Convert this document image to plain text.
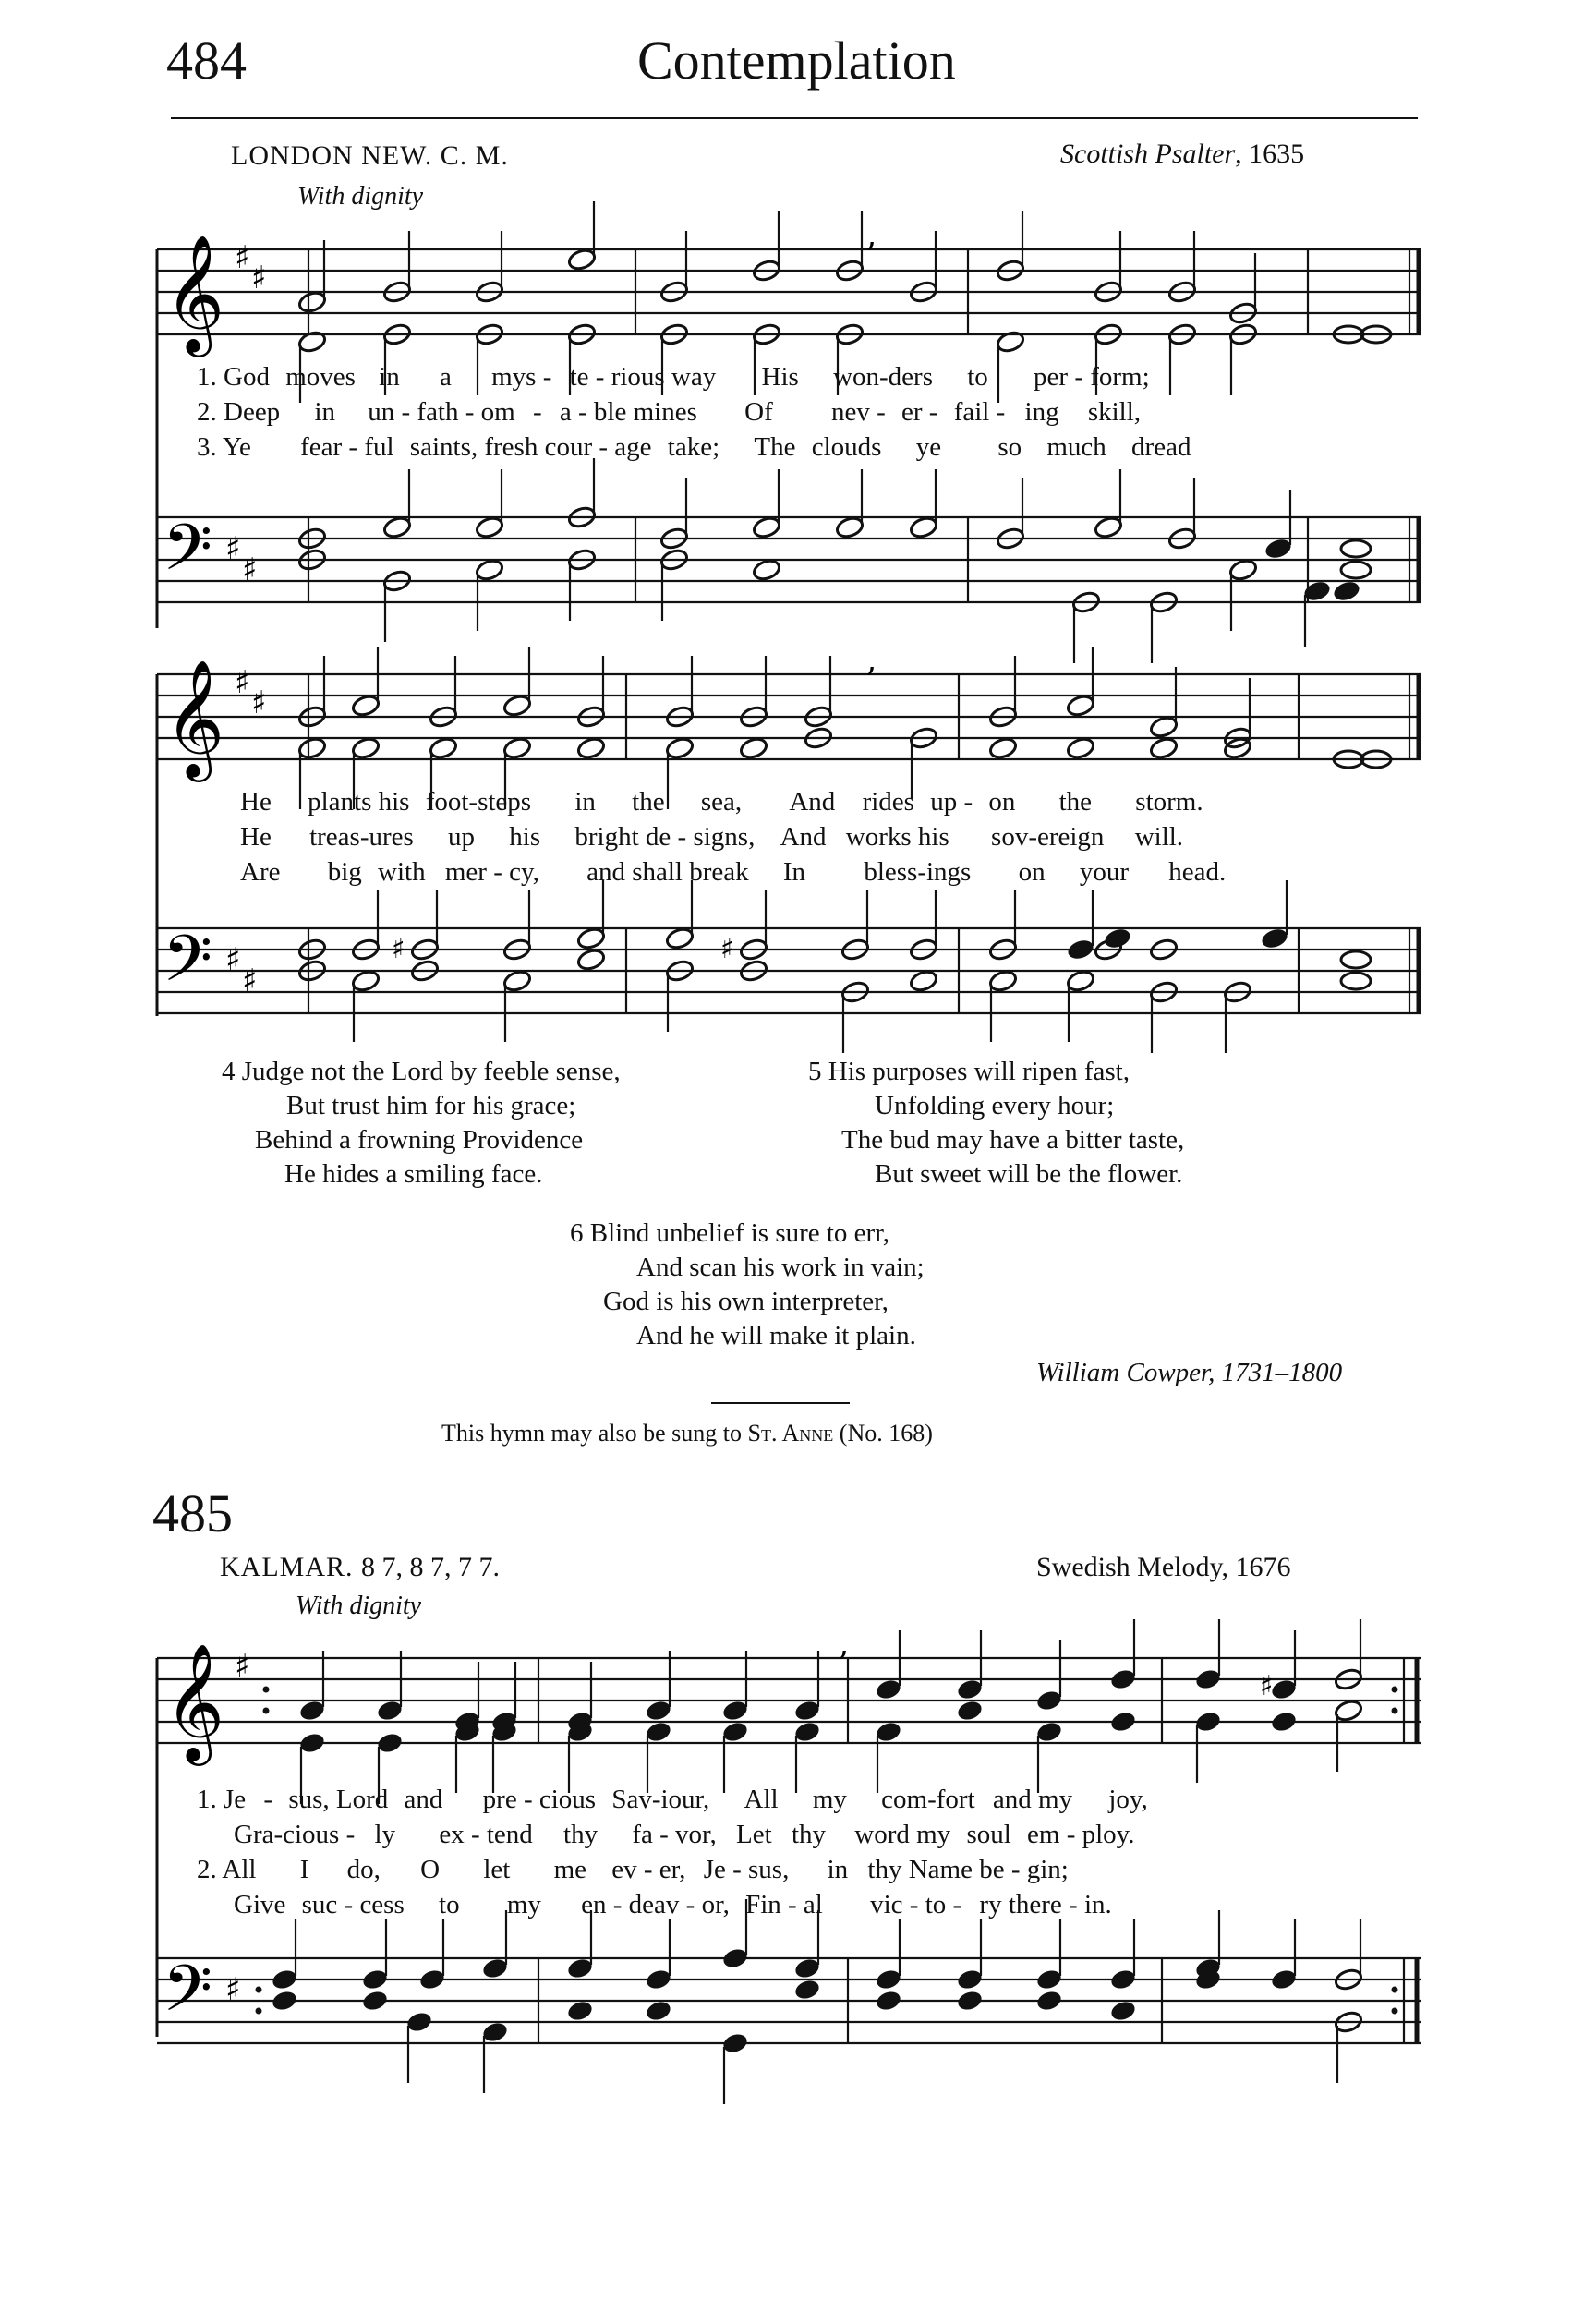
484	Contemplation
LONDON NEW. C. M.	Scottish Psalter, 1635
With dignity
𝄞 ♯
♯
,
1. God moves in a mys - te - rious way His won-ders to per - form;
2. Deep in un - fath - om - a - ble mines Of nev - er - fail - ing skill,
3. Ye fear - ful saints, fresh cour - age take; The clouds ye so much dread
𝄢 ♯
♯
𝄞 ♯
♯
,
He plants his foot-steps in the sea, And rides up - on the storm.
He treas-ures up his bright de - signs, And works his sov-ereign will.
Are big with mer - cy, and shall break In bless-ings on your head.
𝄢 ♯
♯
♯	♯
4 Judge not the Lord by feeble sense,
But trust him for his grace;
Behind a frowning Providence
He hides a smiling face.
5 His purposes will ripen fast,
Unfolding every hour;
The bud may have a bitter taste,
But sweet will be the flower.
6 Blind unbelief is sure to err,
And scan his work in vain;
God is his own interpreter,
And he will make it plain.
William Cowper, 1731–1800
This hymn may also be sung to St. Anne (No. 168)
485
KALMAR. 8 7, 8 7, 7 7.	Swedish Melody, 1676
With dignity
𝄞 ♯
,
♯
1. Je - sus, Lord and pre - cious Sav-iour, All my com-fort and my joy,
Gra-cious - ly ex - tend thy fa - vor, Let thy word my soul em - ploy.
2. All I do, O let me ev - er, Je - sus, in thy Name be - gin;
Give suc - cess to my en - deav - or, Fin - al vic - to - ry there - in.
𝄢 ♯
